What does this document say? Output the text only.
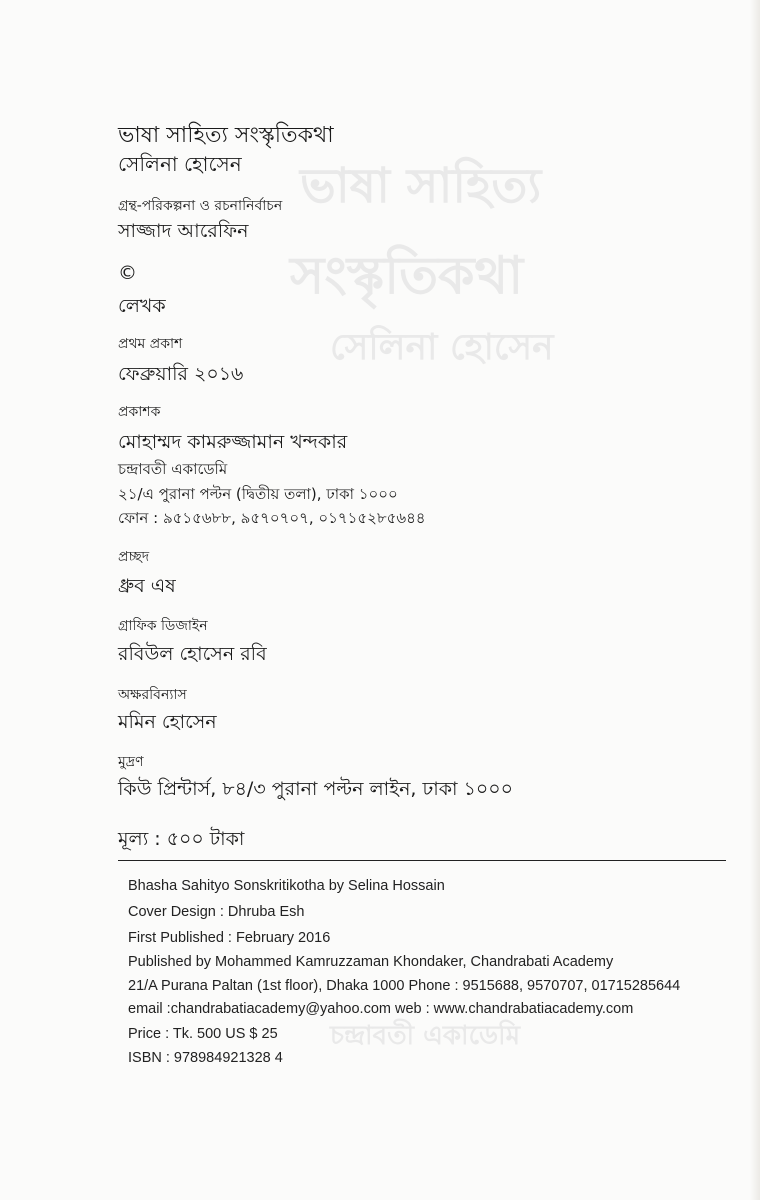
ভাষা সাহিত্য
সংস্কৃতিকথা
সেলিনা হোসেন
চন্দ্রাবতী একাডেমি
ভাষা সাহিত্য সংস্কৃতিকথা
সেলিনা হোসেন
গ্রন্থ-পরিকল্পনা ও রচনানির্বাচন
সাজ্জাদ আরেফিন
©
লেখক
প্রথম প্রকাশ
ফেব্রুয়ারি ২০১৬
প্রকাশক
মোহাম্মদ কামরুজ্জামান খন্দকার
চন্দ্রাবতী একাডেমি
২১/এ পুরানা পল্টন (দ্বিতীয় তলা), ঢাকা ১০০০
ফোন : ৯৫১৫৬৮৮, ৯৫৭০৭০৭, ০১৭১৫২৮৫৬৪৪
প্রচ্ছদ
ধ্রুব এষ
গ্রাফিক ডিজাইন
রবিউল হোসেন রবি
অক্ষরবিন্যাস
মমিন হোসেন
মুদ্রণ
কিউ প্রিন্টার্স, ৮৪/৩ পুরানা পল্টন লাইন, ঢাকা ১০০০
মূল্য : ৫০০ টাকা
Bhasha Sahityo Sonskritikotha by Selina Hossain
Cover Design : Dhruba Esh
First Published : February 2016
Published by Mohammed Kamruzzaman Khondaker, Chandrabati Academy
21/A Purana Paltan (1st floor), Dhaka 1000 Phone : 9515688, 9570707, 01715285644
email :chandrabatiacademy@yahoo.com web : www.chandrabatiacademy.com
Price : Tk. 500 US $ 25
ISBN : 978984921328 4
